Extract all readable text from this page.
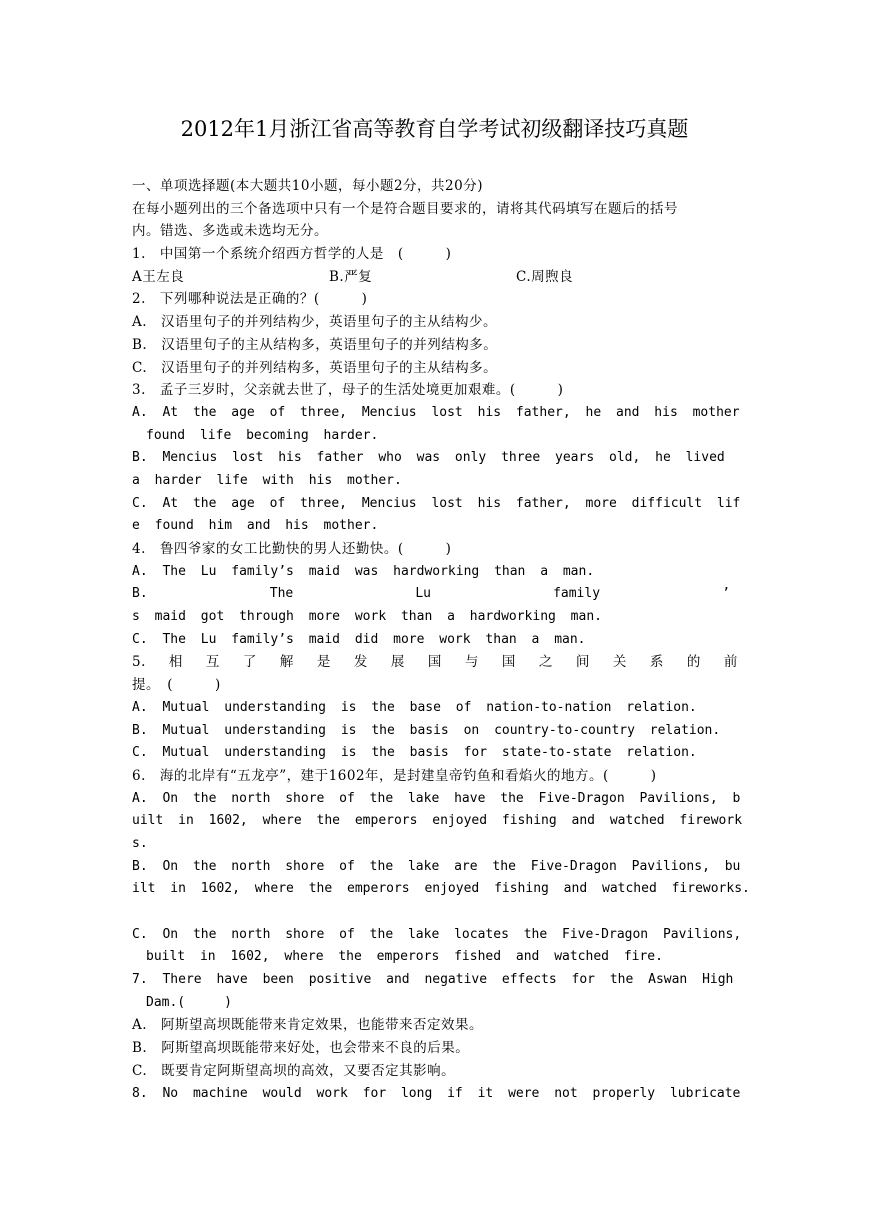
2012年1月浙江省高等教育自学考试初级翻译技巧真题
一、单项选择题(本大题共10小题，每小题2分，共20分)
在每小题列出的三个备选项中只有一个是符合题目要求的，请将其代码填写在题后的括号
内。错选、多选或未选均无分。
1.　中国第一个系统介绍西方哲学的人是　(　　　)
A王左良	B.严复	C.周煦良
2.　下列哪种说法是正确的？(　　　)
A.　汉语里句子的并列结构少，英语里句子的主从结构少。
B.　汉语里句子的主从结构多，英语里句子的并列结构多。
C.　汉语里句子的并列结构多，英语里句子的主从结构多。
3.　孟子三岁时，父亲就去世了，母子的生活处境更加艰难。(　　　)
A. At the age of three, Mencius lost his father, he and his mother
found life becoming harder.
B. Mencius lost his father who was only three years old, he lived
a harder life with his mother.
C. At the age of three, Mencius lost his father, more difficult lif
e found him and his mother.
4.　鲁四爷家的女工比勤快的男人还勤快。(　　　)
A. The Lu family’s maid was hardworking than a man.
B.	The	Lu	family	’
s maid got through more work than a hardworking man.
C. The Lu family’s maid did more work than a man.
5. 相 互 了 解 是 发 展 国 与 国 之 间 关 系 的 前
提。　(　　　)
A. Mutual understanding is the base of nation-to-nation relation.
B. Mutual understanding is the basis on country-to-country relation.
C. Mutual understanding is the basis for state-to-state relation.
6.　海的北岸有“五龙亭”，建于1602年，是封建皇帝钓鱼和看焰火的地方。(　　　)
A. On the north shore of the lake have the Five-Dragon Pavilions, b
uilt in 1602, where the emperors enjoyed fishing and watched firework
s.
B. On the north shore of the lake are the Five-Dragon Pavilions, bu
ilt in 1602, where the emperors enjoyed fishing and watched fireworks.
C. On the north shore of the lake locates the Five-Dragon Pavilions,
built in 1602, where the emperors fished and watched fire.
7. There have been positive and negative effects for the Aswan High
Dam.(　　　)
A.　阿斯望高坝既能带来肯定效果，也能带来否定效果。
B.　阿斯望高坝既能带来好处，也会带来不良的后果。
C.　既要肯定阿斯望高坝的高效，又要否定其影响。
8. No machine would work for long if it were not properly lubricate
